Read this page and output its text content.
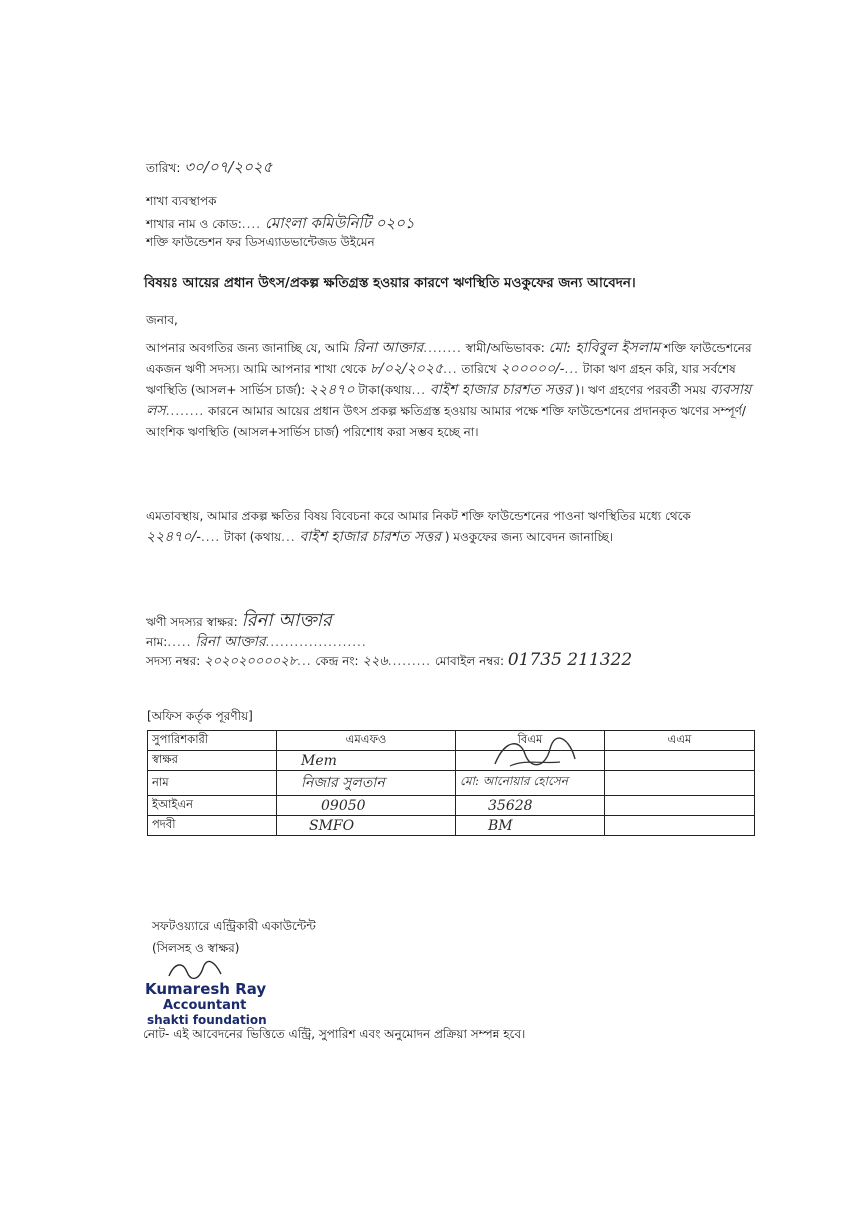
তারিখ: ৩০/০৭/২০২৫
শাখা ব্যবস্থাপক
শাখার নাম ও কোড:.... মোংলা কমিউনিটি ০২০১
শক্তি ফাউন্ডেশন ফর ডিসএ্যাডভান্টেজড উইমেন
বিষয়ঃ আয়ের প্রধান উৎস/প্রকল্প ক্ষতিগ্রস্ত হওয়ার কারণে ঋণস্থিতি মওকুফের জন্য আবেদন।
জনাব,
আপনার অবগতির জন্য জানাচ্ছি যে, আমি রিনা আক্তার........ স্বামী/অভিভাবক: মো: হাবিবুল ইসলাম শক্তি ফাউন্ডেশনের একজন ঋণী সদস্য। আমি আপনার শাখা থেকে ৮/০২/২০২৫... তারিখে ২০০০০০/-... টাকা ঋণ গ্রহন করি, যার সর্বশেষ ঋণস্থিতি (আসল+ সার্ভিস চার্জ): ২২৪৭০ টাকা(কথায়... বাইশ হাজার চারশত সত্তর )। ঋণ গ্রহণের পরবর্তী সময় ব্যবসায় লস........ কারনে আমার আয়ের প্রধান উৎস প্রকল্প ক্ষতিগ্রস্ত হওয়ায় আমার পক্ষে শক্তি ফাউন্ডেশনের প্রদানকৃত ঋণের সম্পূর্ণ/আংশিক ঋণস্থিতি (আসল+সার্ভিস চার্জ) পরিশোধ করা সম্ভব হচ্ছে না।
এমতাবস্থায়, আমার প্রকল্প ক্ষতির বিষয় বিবেচনা করে আমার নিকট শক্তি ফাউন্ডেশনের পাওনা ঋণস্থিতির মধ্যে থেকে ২২৪৭০/-.... টাকা (কথায়... বাইশ হাজার চারশত সত্তর ) মওকুফের জন্য আবেদন জানাচ্ছি।
ঋণী সদস্যর স্বাক্ষর: রিনা আক্তার
নাম:..... রিনা আক্তার.....................
সদস্য নম্বর: ২০২০২০০০০২৮... কেন্দ্র নং: ২২৬......... মোবাইল নম্বর: 01735 211322
[অফিস কর্তৃক পূরণীয়]
সুপারিশকারী	এমএফও	বিএম	এএম
স্বাক্ষর	Mem		
নাম	নিজার সুলতান	মো: আনোয়ার হোসেন	
ইআইএন	09050	35628	
পদবী	SMFO	BM	
সফটওয়্যারে এন্ট্রিকারী একাউন্টেন্ট
(সিলসহ ও স্বাক্ষর)
Kumaresh Ray
Accountant
shakti foundation
নোট- এই আবেদনের ভিত্তিতে এন্ট্রি, সুপারিশ এবং অনুমোদন প্রক্রিয়া সম্পন্ন হবে।
